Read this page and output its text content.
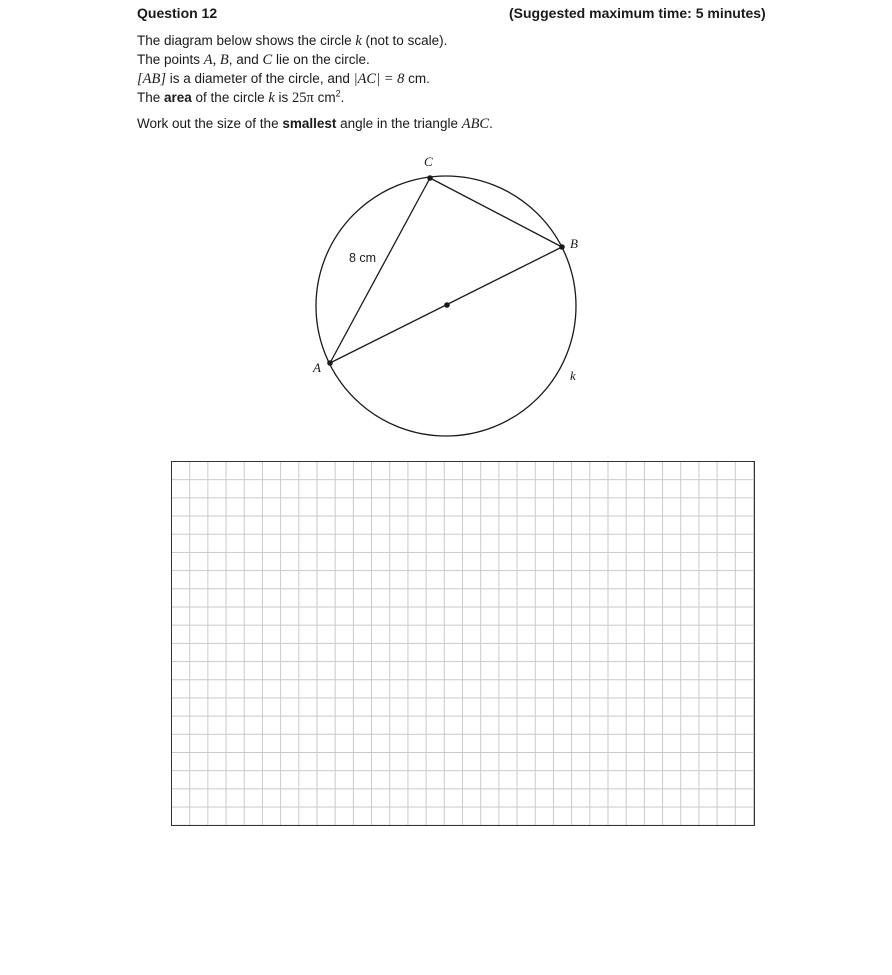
Question 12	(Suggested maximum time: 5 minutes)
The diagram below shows the circle k (not to scale).
The points A, B, and C lie on the circle.
[AB] is a diameter of the circle, and |AC| = 8 cm.
The area of the circle k is 25π $cm^2$.
Work out the size of the smallest angle in the triangle ABC.
C
B
A
k
8 cm
